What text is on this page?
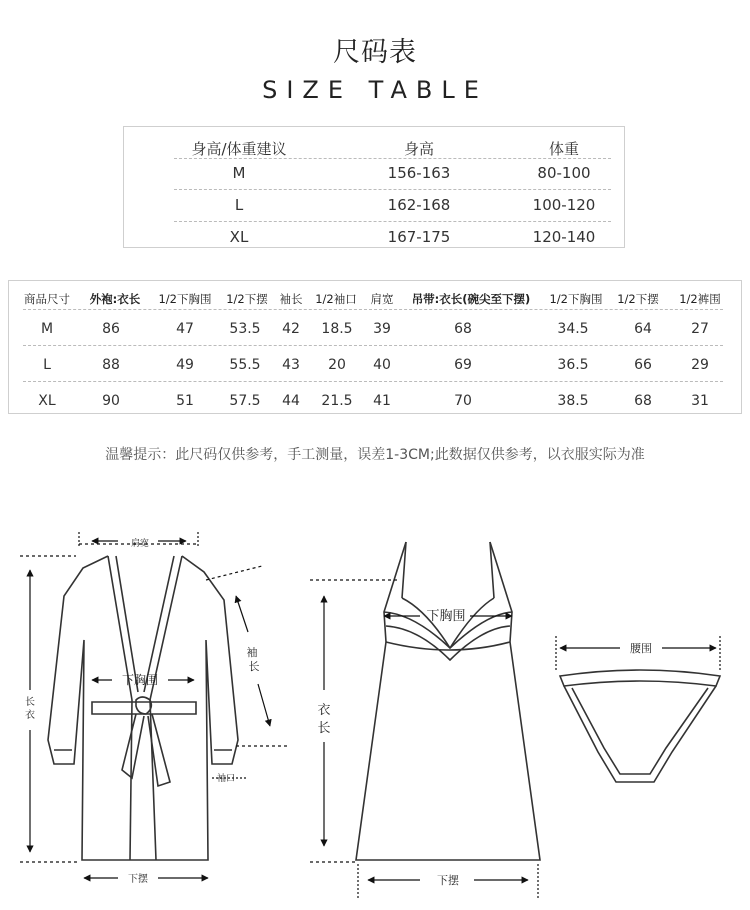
尺码表
SIZE TABLE
身高/体重建议	身高	体重
M	156-163	80-100
L	162-168	100-120
XL	167-175	120-140
商品尺寸	外袍:衣长	1/2下胸围	1/2下摆	袖长	1/2袖口	肩宽	吊带:衣长(碗尖至下摆)	1/2下胸围	1/2下摆	1/2裤围
M	86	47	53.5	42	18.5	39	68	34.5	64	27
L	88	49	55.5	43	20	40	69	36.5	66	29
XL	90	51	57.5	44	21.5	41	70	38.5	68	31
温馨提示：此尺码仅供参考，手工测量，误差1-3CM;此数据仅供参考，以衣服实际为准
肩宽
下胸围
袖
长
长
衣
袖口
下摆
下胸围
衣
长
下摆
腰围
